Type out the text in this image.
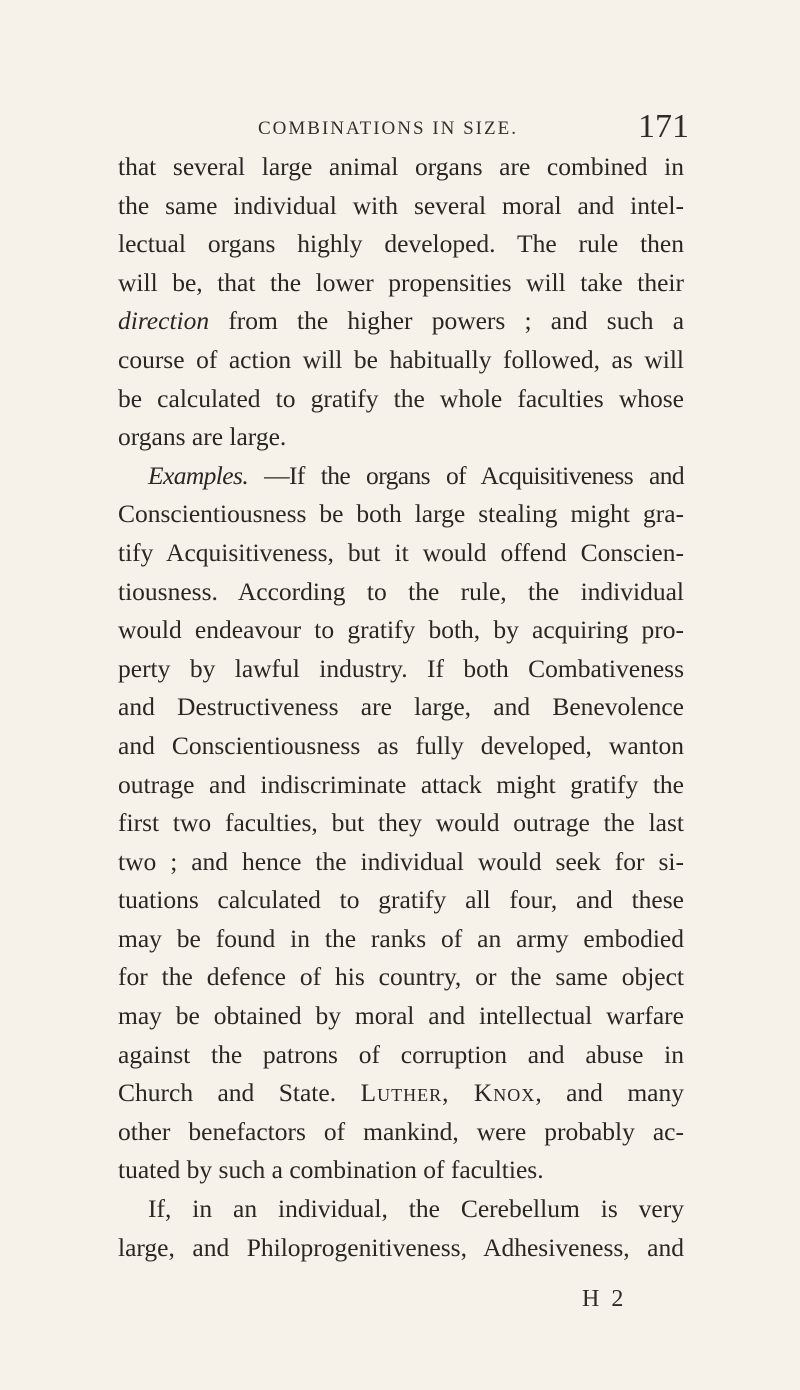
COMBINATIONS IN SIZE.	171
that several large animal organs are combined in
the same individual with several moral and intel-
lectual organs highly developed. The rule then
will be, that the lower propensities will take their
direction from the higher powers ; and such a
course of action will be habitually followed, as will
be calculated to gratify the whole faculties whose
organs are large.
Examples. —If the organs of Acquisitiveness and
Conscientiousness be both large stealing might gra-
tify Acquisitiveness, but it would offend Conscien-
tiousness. According to the rule, the individual
would endeavour to gratify both, by acquiring pro-
perty by lawful industry. If both Combativeness
and Destructiveness are large, and Benevolence
and Conscientiousness as fully developed, wanton
outrage and indiscriminate attack might gratify the
first two faculties, but they would outrage the last
two ; and hence the individual would seek for si-
tuations calculated to gratify all four, and these
may be found in the ranks of an army embodied
for the defence of his country, or the same object
may be obtained by moral and intellectual warfare
against the patrons of corruption and abuse in
Church and State. Luther, Knox, and many
other benefactors of mankind, were probably ac-
tuated by such a combination of faculties.
If, in an individual, the Cerebellum is very
large, and Philoprogenitiveness, Adhesiveness, and
H 2
